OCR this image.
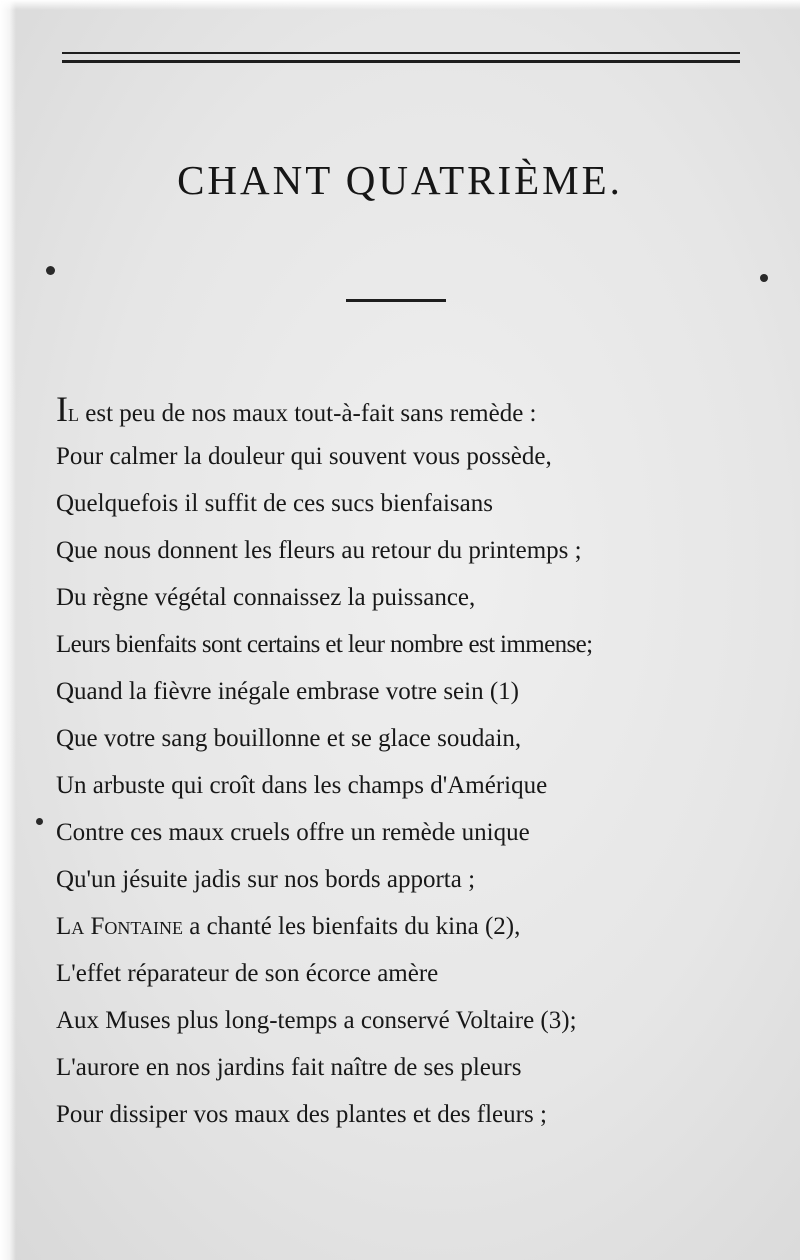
CHANT QUATRIÈME.
Il est peu de nos maux tout-à-fait sans remède :
Pour calmer la douleur qui souvent vous possède,
Quelquefois il suffit de ces sucs bienfaisans
Que nous donnent les fleurs au retour du printemps ;
Du règne végétal connaissez la puissance,
Leurs bienfaits sont certains et leur nombre est immense;
Quand la fièvre inégale embrase votre sein (1)
Que votre sang bouillonne et se glace soudain,
Un arbuste qui croît dans les champs d'Amérique
Contre ces maux cruels offre un remède unique
Qu'un jésuite jadis sur nos bords apporta ;
La Fontaine a chanté les bienfaits du kina (2),
L'effet réparateur de son écorce amère
Aux Muses plus long-temps a conservé Voltaire (3);
L'aurore en nos jardins fait naître de ses pleurs
Pour dissiper vos maux des plantes et des fleurs ;
